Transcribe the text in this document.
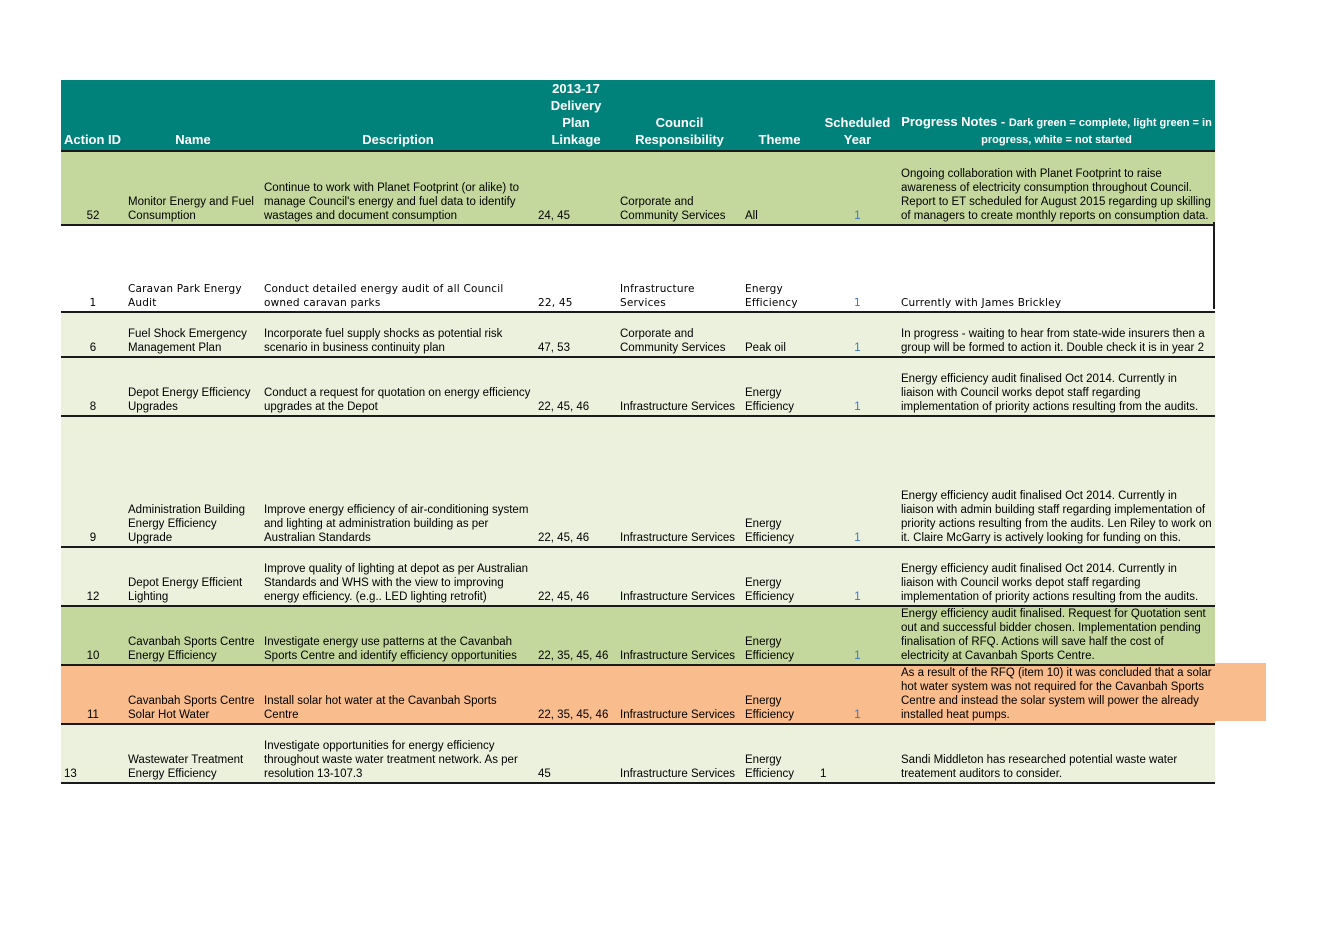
Action ID	Name	Description	2013-17 Delivery Plan Linkage	Council Responsibility	Theme	Scheduled Year	Progress Notes - Dark green = complete, light green = in progress, white = not started
52	Monitor Energy and Fuel Consumption	Continue to work with Planet Footprint (or alike) to manage Council's energy and fuel data to identify wastages and document consumption	24, 45	Corporate and Community Services	All	1	Ongoing collaboration with Planet Footprint to raise awareness of electricity consumption throughout Council. Report to ET scheduled for August 2015 regarding up skilling of managers to create monthly reports on consumption data.
1	Caravan Park Energy Audit	Conduct detailed energy audit of all Council owned caravan parks	22, 45	Infrastructure Services	Energy Efficiency	1	Currently with James Brickley
6	Fuel Shock Emergency Management Plan	Incorporate fuel supply shocks as potential risk scenario in business continuity plan	47, 53	Corporate and Community Services	Peak oil	1	In progress - waiting to hear from state-wide insurers then a group will be formed to action it. Double check it is in year 2
8	Depot Energy Efficiency Upgrades	Conduct a request for quotation on energy efficiency upgrades at the Depot	22, 45, 46	Infrastructure Services	Energy Efficiency	1	Energy efficiency audit finalised Oct 2014. Currently in liaison with Council works depot staff regarding implementation of priority actions resulting from the audits.
9	Administration Building Energy Efficiency Upgrade	Improve energy efficiency of air-conditioning system and lighting at administration building as per Australian Standards	22, 45, 46	Infrastructure Services	Energy Efficiency	1	Energy efficiency audit finalised Oct 2014. Currently in liaison with admin building staff regarding implementation of priority actions resulting from the audits. Len Riley to work on it. Claire McGarry is actively looking for funding on this.
12	Depot Energy Efficient Lighting	Improve quality of lighting at depot as per Australian Standards and WHS with the view to improving energy efficiency. (e.g.. LED lighting retrofit)	22, 45, 46	Infrastructure Services	Energy Efficiency	1	Energy efficiency audit finalised Oct 2014. Currently in liaison with Council works depot staff regarding implementation of priority actions resulting from the audits.
10	Cavanbah Sports Centre Energy Efficiency	Investigate energy use patterns at the Cavanbah Sports Centre and identify efficiency opportunities	22, 35, 45, 46	Infrastructure Services	Energy Efficiency	1	Energy efficiency audit finalised. Request for Quotation sent out and successful bidder chosen. Implementation pending finalisation of RFQ. Actions will save half the cost of electricity at Cavanbah Sports Centre.
11	Cavanbah Sports Centre Solar Hot Water	Install solar hot water at the Cavanbah Sports Centre	22, 35, 45, 46	Infrastructure Services	Energy Efficiency	1	As a result of the RFQ (item 10) it was concluded that a solar hot water system was not required for the Cavanbah Sports Centre and instead the solar system will power the already installed heat pumps.
13	Wastewater Treatment Energy Efficiency	Investigate opportunities for energy efficiency throughout waste water treatment network. As per resolution 13-107.3	45	Infrastructure Services	Energy Efficiency	1	Sandi Middleton has researched potential waste water treatement auditors to consider.
